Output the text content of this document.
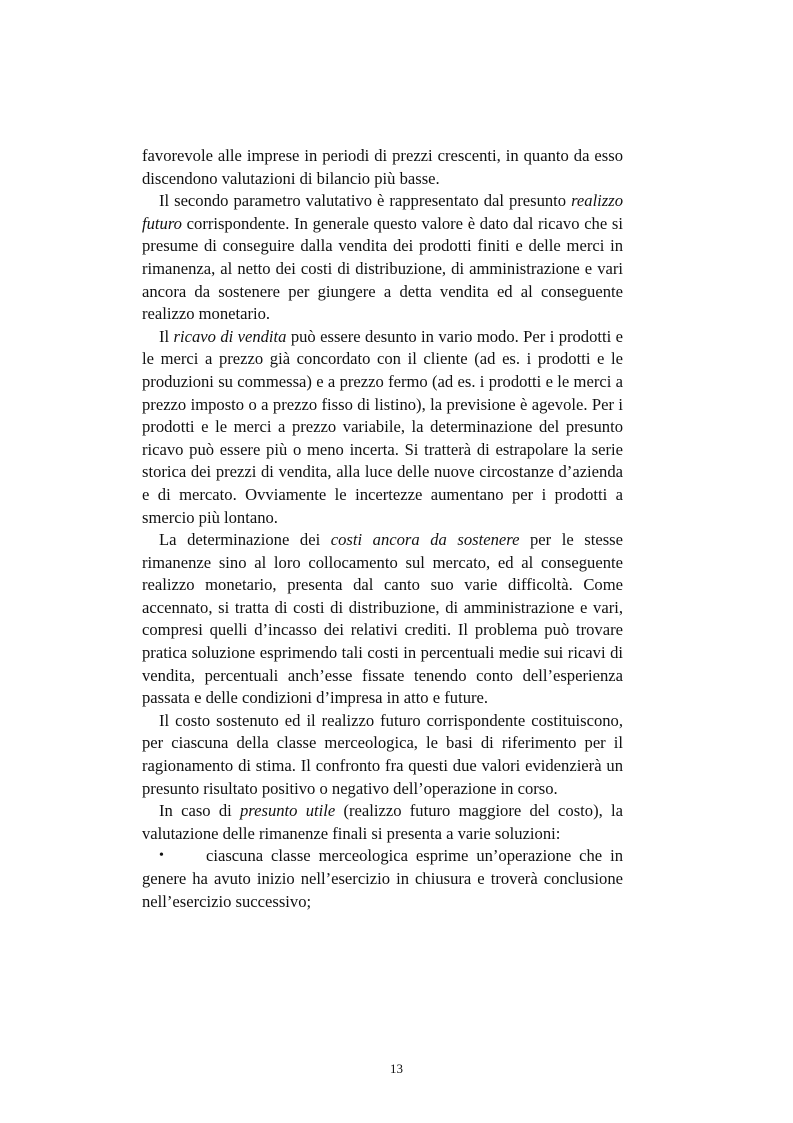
favorevole alle imprese in periodi di prezzi crescenti, in quanto da esso discendono valutazioni di bilancio più basse.

Il secondo parametro valutativo è rappresentato dal presunto realizzo futuro corrispondente. In generale questo valore è dato dal ricavo che si presume di conseguire dalla vendita dei prodotti finiti e delle merci in rimanenza, al netto dei costi di distribuzione, di amministrazione e vari ancora da sostenere per giungere a detta vendita ed al conseguente realizzo monetario.

Il ricavo di vendita può essere desunto in vario modo. Per i prodotti e le merci a prezzo già concordato con il cliente (ad es. i prodotti e le produzioni su commessa) e a prezzo fermo (ad es. i prodotti e le merci a prezzo imposto o a prezzo fisso di listino), la previsione è agevole. Per i prodotti e le merci a prezzo variabile, la determinazione del presunto ricavo può essere più o meno incerta. Si tratterà di estrapolare la serie storica dei prezzi di vendita, alla luce delle nuove circostanze d’azienda e di mercato. Ovviamente le incertezze aumentano per i prodotti a smercio più lontano.

La determinazione dei costi ancora da sostenere per le stesse rimanenze sino al loro collocamento sul mercato, ed al conseguente realizzo monetario, presenta dal canto suo varie difficoltà. Come accennato, si tratta di costi di distribuzione, di amministrazione e vari, compresi quelli d’incasso dei relativi crediti. Il problema può trovare pratica soluzione esprimendo tali costi in percentuali medie sui ricavi di vendita, percentuali anch’esse fissate tenendo conto dell’esperienza passata e delle condizioni d’impresa in atto e future.

Il costo sostenuto ed il realizzo futuro corrispondente costituiscono, per ciascuna della classe merceologica, le basi di riferimento per il ragionamento di stima. Il confronto fra questi due valori evidenzierà un presunto risultato positivo o negativo dell’operazione in corso.

In caso di presunto utile (realizzo futuro maggiore del costo), la valutazione delle rimanenze finali si presenta a varie soluzioni:

•	ciascuna classe merceologica esprime un’operazione che in genere ha avuto inizio nell’esercizio in chiusura e troverà conclusione nell’esercizio successivo;

13
